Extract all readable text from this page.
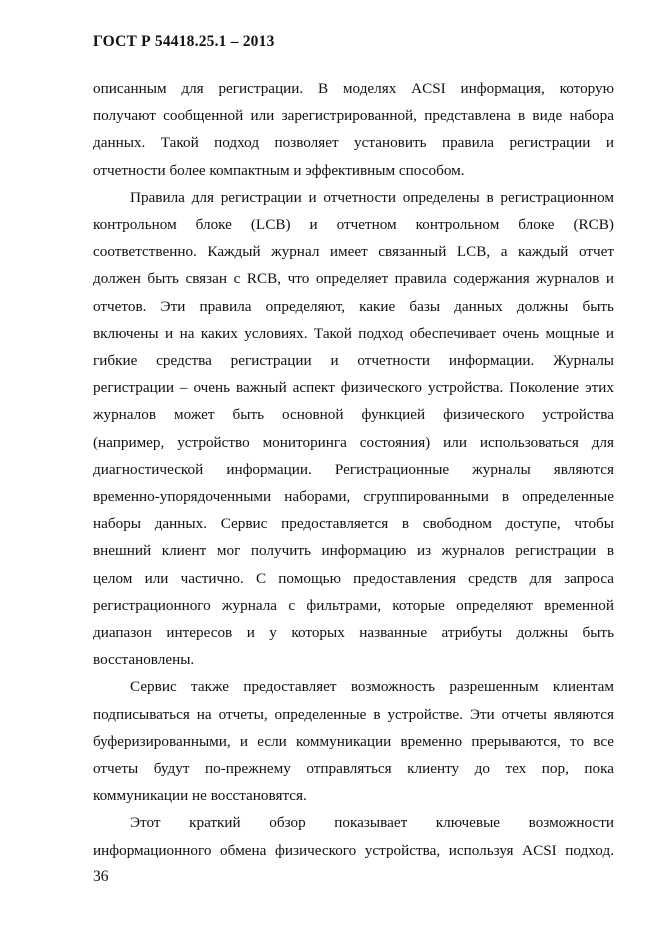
ГОСТ Р 54418.25.1 – 2013

описанным для регистрации. В моделях ACSI информация, которую
получают сообщенной или зарегистрированной, представлена в виде набора
данных. Такой подход позволяет установить правила регистрации и
отчетности более компактным и эффективным способом.

Правила для регистрации и отчетности определены в регистрационном
контрольном блоке (LCB) и отчетном контрольном блоке (RCB)
соответственно. Каждый журнал имеет связанный LCB, а каждый отчет
должен быть связан с RCB, что определяет правила содержания журналов и
отчетов. Эти правила определяют, какие базы данных должны быть
включены и на каких условиях. Такой подход обеспечивает очень мощные и
гибкие средства регистрации и отчетности информации. Журналы
регистрации – очень важный аспект физического устройства. Поколение этих
журналов может быть основной функцией физического устройства
(например, устройство мониторинга состояния) или использоваться для
диагностической информации. Регистрационные журналы являются
временно-упорядоченными наборами, сгруппированными в определенные
наборы данных. Сервис предоставляется в свободном доступе, чтобы
внешний клиент мог получить информацию из журналов регистрации в
целом или частично. С помощью предоставления средств для запроса
регистрационного журнала с фильтрами, которые определяют временной
диапазон интересов и у которых названные атрибуты должны быть
восстановлены.

Сервис также предоставляет возможность разрешенным клиентам
подписываться на отчеты, определенные в устройстве. Эти отчеты являются
буферизированными, и если коммуникации временно прерываются, то все
отчеты будут по-прежнему отправляться клиенту до тех пор, пока
коммуникации не восстановятся.

Этот краткий обзор показывает ключевые возможности
информационного обмена физического устройства, используя ACSI подход.

36
